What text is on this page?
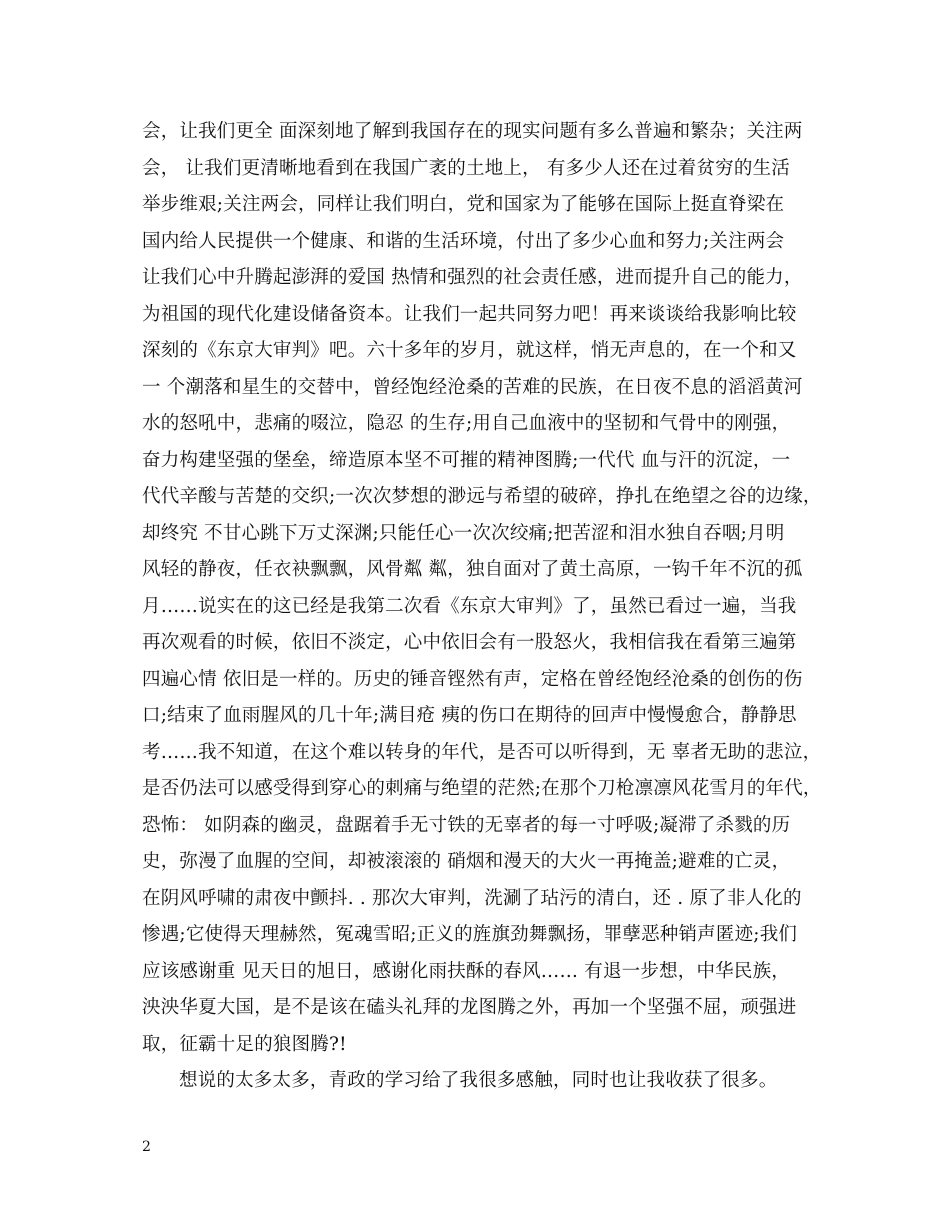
会，让我们更全 面深刻地了解到我国存在的现实问题有多么普遍和繁杂；关注两
会， 让我们更清晰地看到在我国广袤的土地上， 有多少人还在过着贫穷的生活
举步维艰;关注两会，同样让我们明白，党和国家为了能够在国际上挺直脊梁在
国内给人民提供一个健康、和谐的生活环境，付出了多少心血和努力;关注两会
让我们心中升腾起澎湃的爱国 热情和强烈的社会责任感，进而提升自己的能力，
为祖国的现代化建设储备资本。让我们一起共同努力吧！再来谈谈给我影响比较
深刻的《东京大审判》吧。六十多年的岁月，就这样，悄无声息的，在一个和又
一 个潮落和星生的交替中，曾经饱经沧桑的苦难的民族，在日夜不息的滔滔黄河
水的怒吼中，悲痛的啜泣，隐忍 的生存;用自己血液中的坚韧和气骨中的刚强，
奋力构建坚强的堡垒，缔造原本坚不可摧的精神图腾;一代代 血与汗的沉淀，一
代代辛酸与苦楚的交织;一次次梦想的渺远与希望的破碎，挣扎在绝望之谷的边缘，
却终究 不甘心跳下万丈深渊;只能任心一次次绞痛;把苦涩和泪水独自吞咽;月明
风轻的静夜，任衣袂飘飘，风骨粼 粼，独自面对了黄土高原，一钩千年不沉的孤
月……说实在的这已经是我第二次看《东京大审判》了，虽然已看过一遍，当我
再次观看的时候，依旧不淡定，心中依旧会有一股怒火，我相信我在看第三遍第
四遍心情 依旧是一样的。历史的锤音铿然有声，定格在曾经饱经沧桑的创伤的伤
口;结束了血雨腥风的几十年;满目疮 痍的伤口在期待的回声中慢慢愈合，静静思
考……我不知道，在这个难以转身的年代，是否可以听得到，无 辜者无助的悲泣，
是否仍法可以感受得到穿心的刺痛与绝望的茫然;在那个刀枪凛凛风花雪月的年代，
恐怖： 如阴森的幽灵，盘踞着手无寸铁的无辜者的每一寸呼吸;凝滞了杀戮的历
史，弥漫了血腥的空间，却被滚滚的 硝烟和漫天的大火一再掩盖;避难的亡灵，
在阴风呼啸的肃夜中颤抖. . 那次大审判，洗涮了玷污的清白，还 . 原了非人化的
惨遇;它使得天理赫然，冤魂雪昭;正义的旌旗劲舞飘扬，罪孽恶种销声匿迹;我们
应该感谢重 见天日的旭日，感谢化雨扶酥的春风…… 有退一步想，中华民族，
泱泱华夏大国，是不是该在磕头礼拜的龙图腾之外，再加一个坚强不屈，顽强进
取，征霸十足的狼图腾?!
想说的太多太多，青政的学习给了我很多感触，同时也让我收获了很多。
2
